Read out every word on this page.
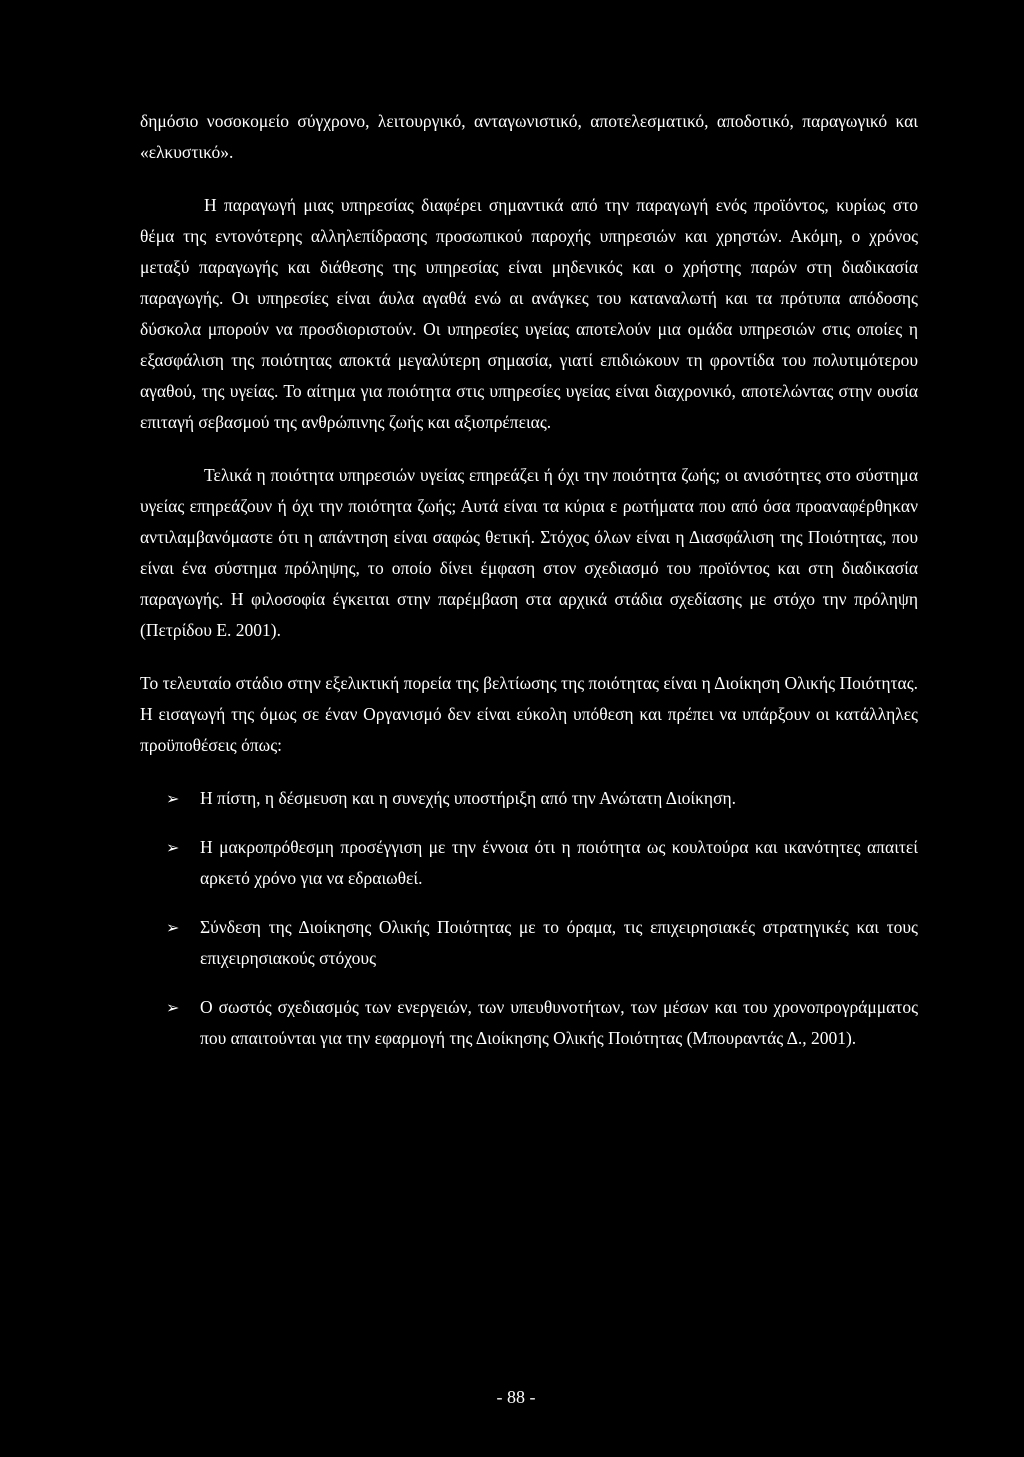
δημόσιο νοσοκομείο σύγχρονο, λειτουργικό, ανταγωνιστικό, αποτελεσματικό, αποδοτικό, παραγωγικό και «ελκυστικό».

Η παραγωγή μιας υπηρεσίας διαφέρει σημαντικά από την παραγωγή ενός προϊόντος, κυρίως στο θέμα της εντονότερης αλληλεπίδρασης προσωπικού παροχής υπηρεσιών και χρηστών. Ακόμη, ο χρόνος μεταξύ παραγωγής και διάθεσης της υπηρεσίας είναι μηδενικός και ο χρήστης παρών στη διαδικασία παραγωγής. Οι υπηρεσίες είναι άυλα αγαθά ενώ αι ανάγκες του καταναλωτή και τα πρότυπα απόδοσης δύσκολα μπορούν να προσδιοριστούν. Οι υπηρεσίες υγείας αποτελούν μια ομάδα υπηρεσιών στις οποίες η εξασφάλιση της ποιότητας αποκτά μεγαλύτερη σημασία, γιατί επιδιώκουν τη φροντίδα του πολυτιμότερου αγαθού, της υγείας. Το αίτημα για ποιότητα στις υπηρεσίες υγείας είναι διαχρονικό, αποτελώντας στην ουσία επιταγή σεβασμού της ανθρώπινης ζωής και αξιοπρέπειας.

Τελικά η ποιότητα υπηρεσιών υγείας επηρεάζει ή όχι την ποιότητα ζωής; οι ανισότητες στο σύστημα υγείας επηρεάζουν ή όχι την ποιότητα ζωής; Αυτά είναι τα κύρια ε ρωτήματα που από όσα προαναφέρθηκαν αντιλαμβανόμαστε ότι η απάντηση είναι σαφώς θετική. Στόχος όλων είναι η Διασφάλιση της Ποιότητας, που είναι ένα σύστημα πρόληψης, το οποίο δίνει έμφαση στον σχεδιασμό του προϊόντος και στη διαδικασία παραγωγής. Η φιλοσοφία έγκειται στην παρέμβαση στα αρχικά στάδια σχεδίασης με στόχο την πρόληψη (Πετρίδου Ε. 2001).

Το τελευταίο στάδιο στην εξελικτική πορεία της βελτίωσης της ποιότητας είναι η Διοίκηση Ολικής Ποιότητας. Η εισαγωγή της όμως σε έναν Οργανισμό δεν είναι εύκολη υπόθεση και πρέπει να υπάρξουν οι κατάλληλες προϋποθέσεις όπως:

➢ Η πίστη, η δέσμευση και η συνεχής υποστήριξη από την Ανώτατη Διοίκηση.
➢ Η μακροπρόθεσμη προσέγγιση με την έννοια ότι η ποιότητα ως κουλτούρα και ικανότητες απαιτεί αρκετό χρόνο για να εδραιωθεί.
➢ Σύνδεση της Διοίκησης Ολικής Ποιότητας με το όραμα, τις επιχειρησιακές στρατηγικές και τους επιχειρησιακούς στόχους
➢ Ο σωστός σχεδιασμός των ενεργειών, των υπευθυνοτήτων, των μέσων και του χρονοπρογράμματος που απαιτούνται για την εφαρμογή της Διοίκησης Ολικής Ποιότητας (Μπουραντάς Δ., 2001).
- 88 -
